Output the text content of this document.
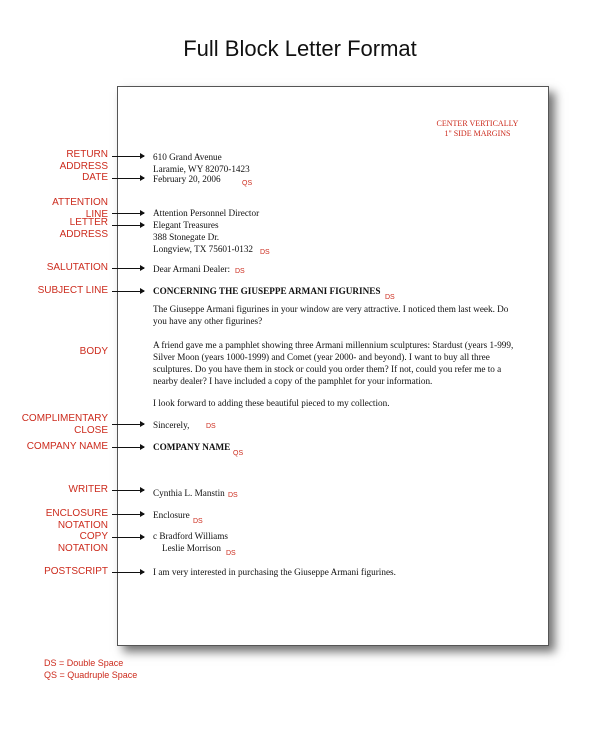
Full Block Letter Format
CENTER VERTICALLY
1" SIDE MARGINS
RETURN
ADDRESS
DATE
ATTENTION
LINE
LETTER
ADDRESS
SALUTATION
SUBJECT LINE
BODY
COMPLIMENTARY
CLOSE
COMPANY NAME
WRITER
ENCLOSURE
NOTATION
COPY
NOTATION
POSTSCRIPT
610 Grand Avenue
Laramie, WY 82070-1423
February 20, 2006	QS
Attention Personnel Director
Elegant Treasures
388 Stonegate Dr.
Longview, TX 75601-0132 DS
Dear Armani Dealer: DS
CONCERNING THE GIUSEPPE ARMANI FIGURINES
DS
The Giuseppe Armani figurines in your window are very attractive. I noticed them last week. Do you have any other figurines?
A friend gave me a pamphlet showing three Armani millennium sculptures: Stardust (years 1-999, Silver Moon (years 1000-1999) and Comet (year 2000- and beyond). I want to buy all three sculptures. Do you have them in stock or could you order them? If not, could you refer me to a nearby dealer? I have included a copy of the pamphlet for your information.
I look forward to adding these beautiful pieced to my collection.
Sincerely, DS
COMPANY NAME
QS
Cynthia L. Manstin DS
Enclosure
DS
c Bradford Williams
Leslie Morrison
DS
I am very interested in purchasing the Giuseppe Armani figurines.
DS = Double Space
QS = Quadruple Space
